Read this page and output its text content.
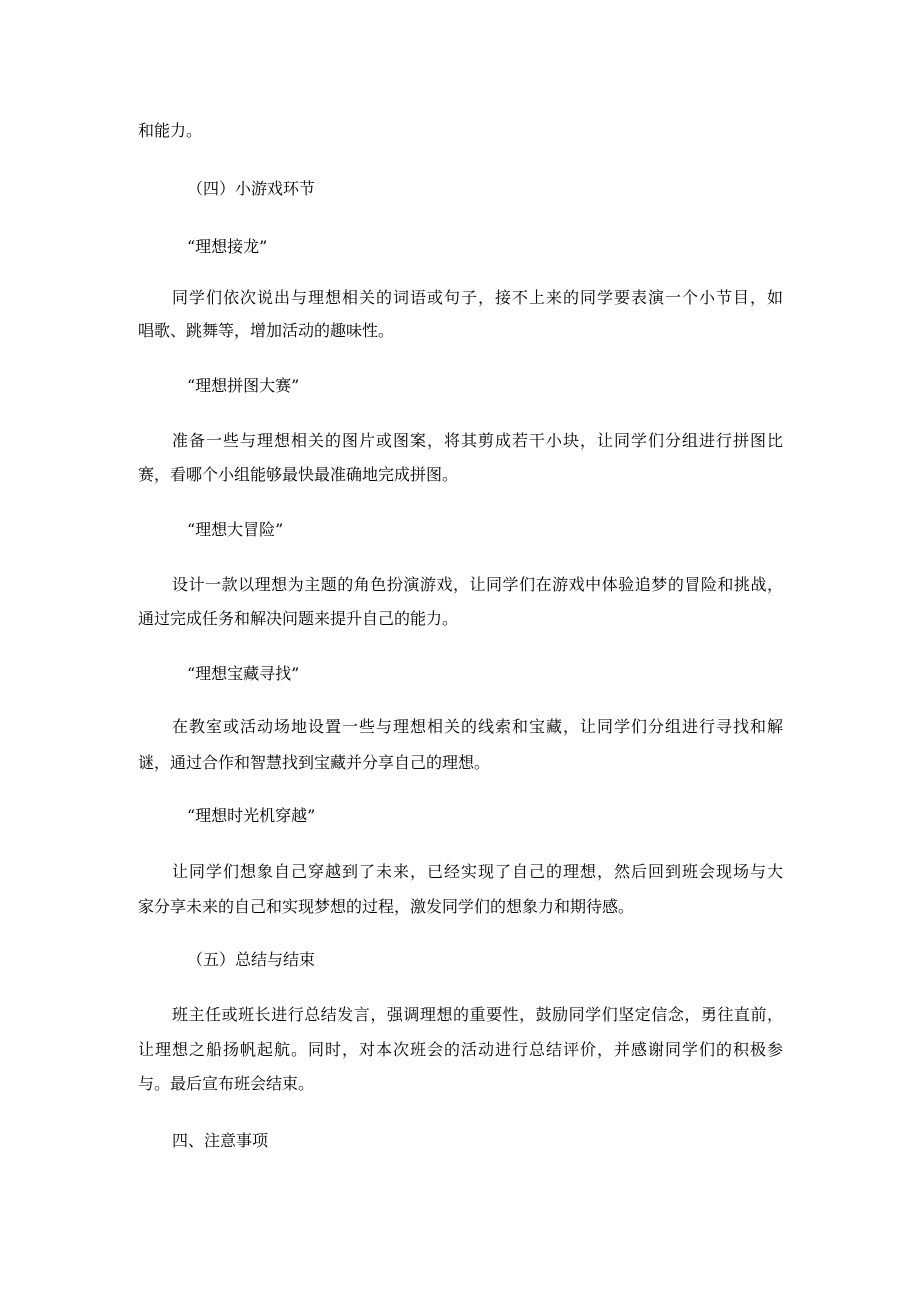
和能力。
（四）小游戏环节
“理想接龙”
同学们依次说出与理想相关的词语或句子，接不上来的同学要表演一个小节目，如
唱歌、跳舞等，增加活动的趣味性。
“理想拼图大赛”
准备一些与理想相关的图片或图案，将其剪成若干小块，让同学们分组进行拼图比
赛，看哪个小组能够最快最准确地完成拼图。
“理想大冒险”
设计一款以理想为主题的角色扮演游戏，让同学们在游戏中体验追梦的冒险和挑战，
通过完成任务和解决问题来提升自己的能力。
“理想宝藏寻找”
在教室或活动场地设置一些与理想相关的线索和宝藏，让同学们分组进行寻找和解
谜，通过合作和智慧找到宝藏并分享自己的理想。
“理想时光机穿越”
让同学们想象自己穿越到了未来，已经实现了自己的理想，然后回到班会现场与大
家分享未来的自己和实现梦想的过程，激发同学们的想象力和期待感。
（五）总结与结束
班主任或班长进行总结发言，强调理想的重要性，鼓励同学们坚定信念，勇往直前，
让理想之船扬帆起航。同时，对本次班会的活动进行总结评价，并感谢同学们的积极参
与。最后宣布班会结束。
四、注意事项
